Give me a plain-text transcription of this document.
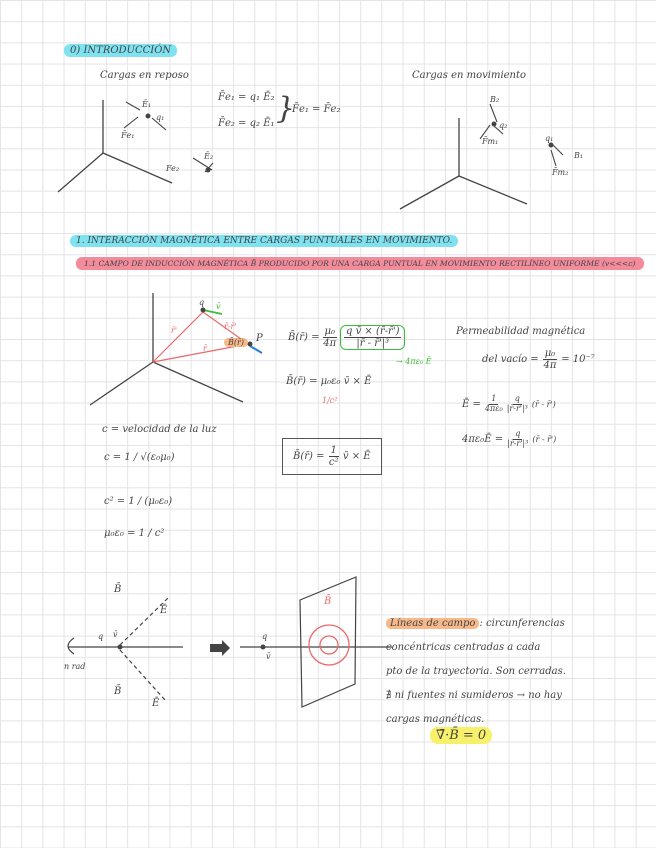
0) INTRODUCCIÓN
Cargas en reposo	Cargas en movimiento
Ē₁
q₁
F̄e₁
Fe₂
Ē₂
F̄e₁ = q₁ Ē₂
F̄e₂ = q₂ Ē₁ }
F̄e₁ = F̄e₂
B₂
q₂
F̄m₁	q₁
B₁
F̄m₂
1. INTERACCIÓN MAGNÉTICA ENTRE CARGAS PUNTUALES EN MOVIMIENTO.
1.1 CAMPO DE INDUCCIÓN MAGNÉTICA B̄ PRODUCIDO POR UNA CARGA PUNTUAL EN MOVIMIENTO RECTILÍNEO UNIFORME (v<<<c)
q v̄
r̄'
r̄
r̄-r̄'
P
B̄(r̄)	B̄(r̄) = $\frac{\text{μ₀}}{4\pi} \frac{\text{q v̄ × (r̄-r̄')}}{\text{|r̄ - r̄'|³}}$
→ 4πε₀ Ē
B̄(r̄) = μ₀ε₀ v̄ × Ē
1/c²
B̄(r̄) = $\frac{1}{\text{c²}}$ v̄ × Ē
Permeabilidad magnética
del vacío = $\frac{\text{μ₀}}{4\pi} = 10^{-7}$
Ē = $\frac{1}{\text{4πε₀}} \frac{q}{\text{|r̄-r̄'|³}}$ (r̄ - r̄')
4πε₀Ē = $\frac{q}{\text{|r̄-r̄'|³}}$ (r̄ - r̄')
c = velocidad de la luz
c = 1 / √(ε₀μ₀)
c² = 1 / (μ₀ε₀)
μ₀ε₀ = 1 / c²
B̄
Ē
q v̄
n rad
B̄
Ē
q
v̄
B̄
Líneas de campo : circunferencias
concéntricas centradas a cada
pto de la trayectoria. Son cerradas.
∄ ni fuentes ni sumideros → no hay
cargas magnéticas.
∇̄·B̄ = 0
